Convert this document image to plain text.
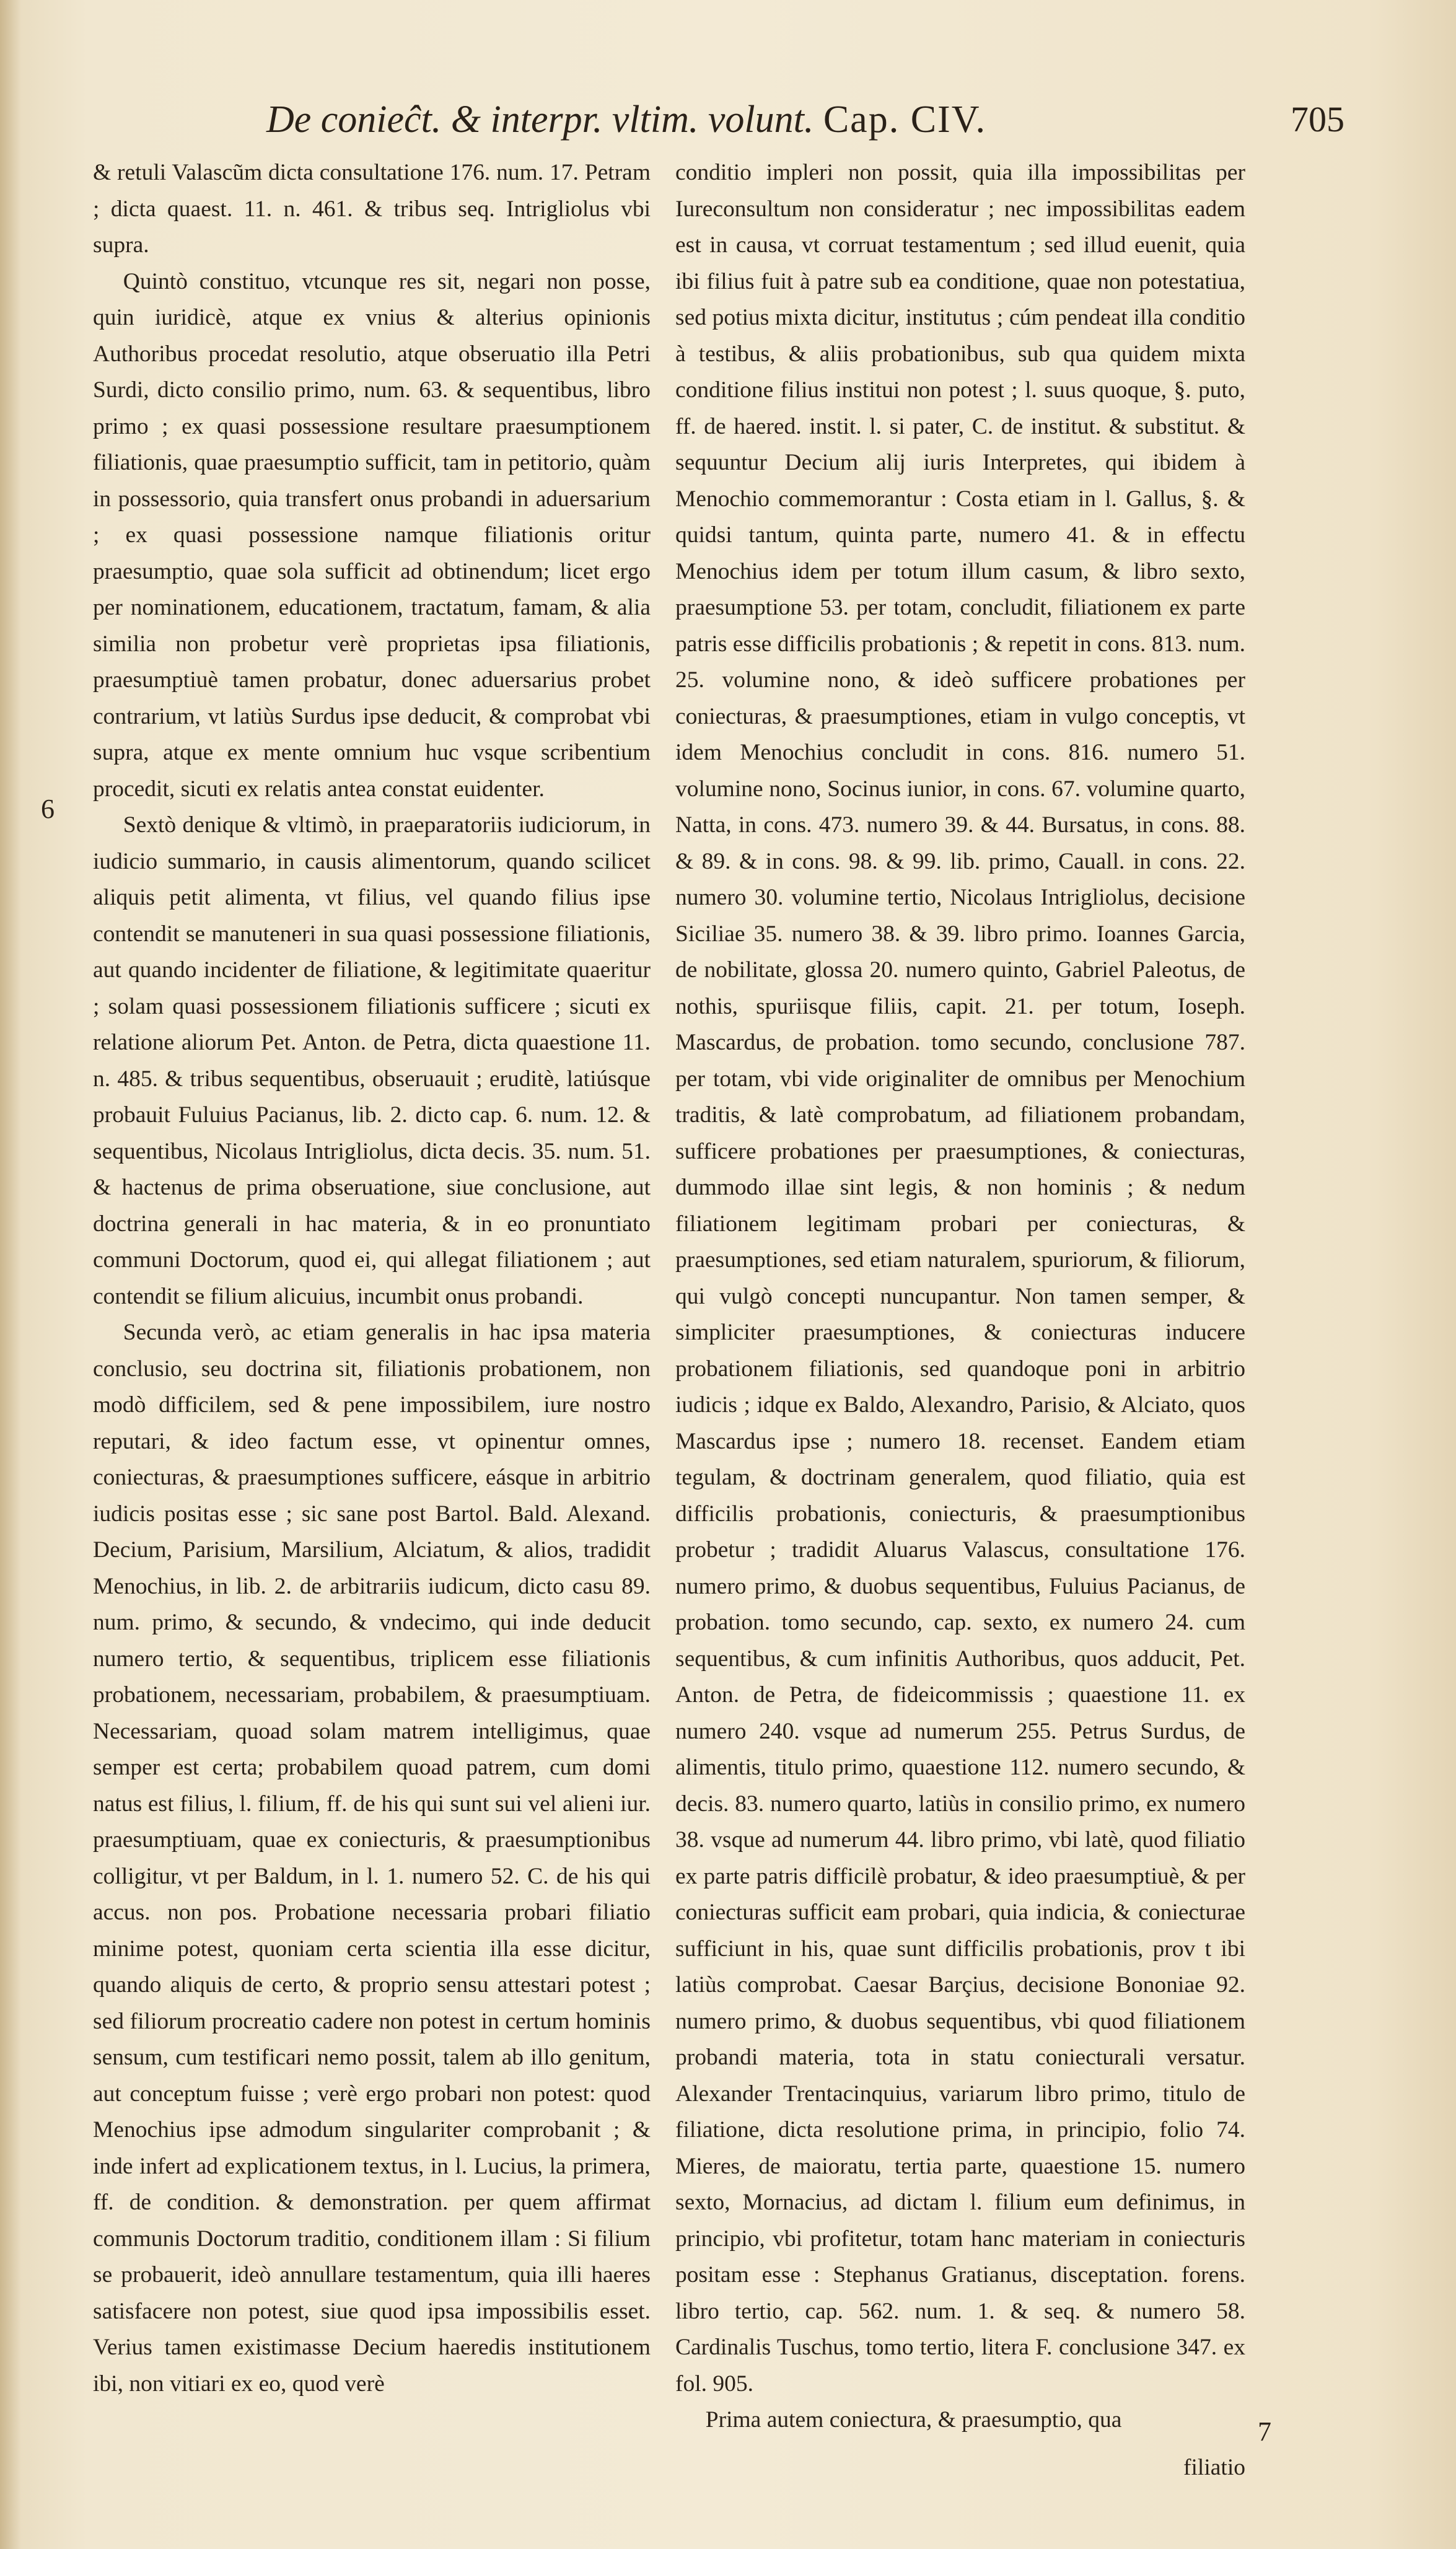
De conieĉt. & interpr. vltim. volunt. Cap. CIV.	705

& retuli Valascũm dicta consultatione 176. num. 17. Petram ; dicta quaest. 11. n. 461. & tribus seq. Intrigliolus vbi supra.

Quintò constituo, vtcunque res sit, negari non posse, quin iuridicè, atque ex vnius & alterius opinionis Authoribus procedat resolutio, atque obseruatio illa Petri Surdi, dicto consilio primo, num. 63. & sequentibus, libro primo ; ex quasi possessione resultare praesumptionem filiationis, quae praesumptio sufficit, tam in petitorio, quàm in possessorio, quia transfert onus probandi in aduersarium ; ex quasi possessione namque filiationis oritur praesumptio, quae sola sufficit ad obtinendum; licet ergo per nominationem, educationem, tractatum, famam, & alia similia non probetur verè proprietas ipsa filiationis, praesumptiuè tamen probatur, donec aduersarius probet contrarium, vt latiùs Surdus ipse deducit, & comprobat vbi supra, atque ex mente omnium huc vsque scribentium procedit, sicuti ex relatis antea constat euidenter.

Sextò denique & vltimò, in praeparatoriis iudiciorum, in iudicio summario, in causis alimentorum, quando scilicet aliquis petit alimenta, vt filius, vel quando filius ipse contendit se manuteneri in sua quasi possessione filiationis, aut quando incidenter de filiatione, & legitimitate quaeritur ; solam quasi possessionem filiationis sufficere ; sicuti ex relatione aliorum Pet. Anton. de Petra, dicta quaestione 11. n. 485. & tribus sequentibus, obseruauit ; eruditè, latiúsque probauit Fuluius Pacianus, lib. 2. dicto cap. 6. num. 12. & sequentibus, Nicolaus Intrigliolus, dicta decis. 35. num. 51. & hactenus de prima obseruatione, siue conclusione, aut doctrina generali in hac materia, & in eo pronuntiato communi Doctorum, quod ei, qui allegat filiationem ; aut contendit se filium alicuius, incumbit onus probandi.

Secunda verò, ac etiam generalis in hac ipsa materia conclusio, seu doctrina sit, filiationis probationem, non modò difficilem, sed & pene impossibilem, iure nostro reputari, & ideo factum esse, vt opinentur omnes, coniecturas, & praesumptiones sufficere, eásque in arbitrio iudicis positas esse ; sic sane post Bartol. Bald. Alexand. Decium, Parisium, Marsilium, Alciatum, & alios, tradidit Menochius, in lib. 2. de arbitrariis iudicum, dicto casu 89. num. primo, & secundo, & vndecimo, qui inde deducit numero tertio, & sequentibus, triplicem esse filiationis probationem, necessariam, probabilem, & praesumptiuam. Necessariam, quoad solam matrem intelligimus, quae semper est certa; probabilem quoad patrem, cum domi natus est filius, l. filium, ff. de his qui sunt sui vel alieni iur. praesumptiuam, quae ex coniecturis, & praesumptionibus colligitur, vt per Baldum, in l. 1. numero 52. C. de his qui accus. non pos. Probatione necessaria probari filiatio minime potest, quoniam certa scientia illa esse dicitur, quando aliquis de certo, & proprio sensu attestari potest ; sed filiorum procreatio cadere non potest in certum hominis sensum, cum testificari nemo possit, talem ab illo genitum, aut conceptum fuisse ; verè ergo probari non potest: quod Menochius ipse admodum singulariter comprobanit ; & inde infert ad explicationem textus, in l. Lucius, la primera, ff. de condition. & demonstration. per quem affirmat communis Doctorum traditio, conditionem illam : Si filium se probauerit, ideò annullare testamentum, quia illi haeres satisfacere non potest, siue quod ipsa impossibilis esset. Verius tamen existimasse Decium haeredis institutionem ibi, non vitiari ex eo, quod verè

6

conditio impleri non possit, quia illa impossibilitas per Iureconsultum non consideratur ; nec impossibilitas eadem est in causa, vt corruat testamentum ; sed illud euenit, quia ibi filius fuit à patre sub ea conditione, quae non potestatiua, sed potius mixta dicitur, institutus ; cúm pendeat illa conditio à testibus, & aliis probationibus, sub qua quidem mixta conditione filius institui non potest ; l. suus quoque, §. puto, ff. de haered. instit. l. si pater, C. de institut. & substitut. & sequuntur Decium alij iuris Interpretes, qui ibidem à Menochio commemorantur : Costa etiam in l. Gallus, §. & quidsi tantum, quinta parte, numero 41. & in effectu Menochius idem per totum illum casum, & libro sexto, praesumptione 53. per totam, concludit, filiationem ex parte patris esse difficilis probationis ; & repetit in cons. 813. num. 25. volumine nono, & ideò sufficere probationes per coniecturas, & praesumptiones, etiam in vulgo conceptis, vt idem Menochius concludit in cons. 816. numero 51. volumine nono, Socinus iunior, in cons. 67. volumine quarto, Natta, in cons. 473. numero 39. & 44. Bursatus, in cons. 88. & 89. & in cons. 98. & 99. lib. primo, Cauall. in cons. 22. numero 30. volumine tertio, Nicolaus Intrigliolus, decisione Siciliae 35. numero 38. & 39. libro primo. Ioannes Garcia, de nobilitate, glossa 20. numero quinto, Gabriel Paleotus, de nothis, spuriisque filiis, capit. 21. per totum, Ioseph. Mascardus, de probation. tomo secundo, conclusione 787. per totam, vbi vide originaliter de omnibus per Menochium traditis, & latè comprobatum, ad filiationem probandam, sufficere probationes per praesumptiones, & coniecturas, dummodo illae sint legis, & non hominis ; & nedum filiationem legitimam probari per coniecturas, & praesumptiones, sed etiam naturalem, spuriorum, & filiorum, qui vulgò concepti nuncupantur. Non tamen semper, & simpliciter praesumptiones, & coniecturas inducere probationem filiationis, sed quandoque poni in arbitrio iudicis ; idque ex Baldo, Alexandro, Parisio, & Alciato, quos Mascardus ipse ; numero 18. recenset. Eandem etiam tegulam, & doctrinam generalem, quod filiatio, quia est difficilis probationis, coniecturis, & praesumptionibus probetur ; tradidit Aluarus Valascus, consultatione 176. numero primo, & duobus sequentibus, Fuluius Pacianus, de probation. tomo secundo, cap. sexto, ex numero 24. cum sequentibus, & cum infinitis Authoribus, quos adducit, Pet. Anton. de Petra, de fideicommissis ; quaestione 11. ex numero 240. vsque ad numerum 255. Petrus Surdus, de alimentis, titulo primo, quaestione 112. numero secundo, & decis. 83. numero quarto, latiùs in consilio primo, ex numero 38. vsque ad numerum 44. libro primo, vbi latè, quod filiatio ex parte patris difficilè probatur, & ideo praesumptiuè, & per coniecturas sufficit eam probari, quia indicia, & coniecturae sufficiunt in his, quae sunt difficilis probationis, prov t ibi latiùs comprobat. Caesar Barçius, decisione Bononiae 92. numero primo, & duobus sequentibus, vbi quod filiationem probandi materia, tota in statu coniecturali versatur. Alexander Trentacinquius, variarum libro primo, titulo de filiatione, dicta resolutione prima, in principio, folio 74. Mieres, de maioratu, tertia parte, quaestione 15. numero sexto, Mornacius, ad dictam l. filium eum definimus, in principio, vbi profitetur, totam hanc materiam in coniecturis positam esse : Stephanus Gratianus, disceptation. forens. libro tertio, cap. 562. num. 1. & seq. & numero 58. Cardinalis Tuschus, tomo tertio, litera F. conclusione 347. ex fol. 905.

Prima autem coniectura, & praesumptio, qua	7
filiatio
